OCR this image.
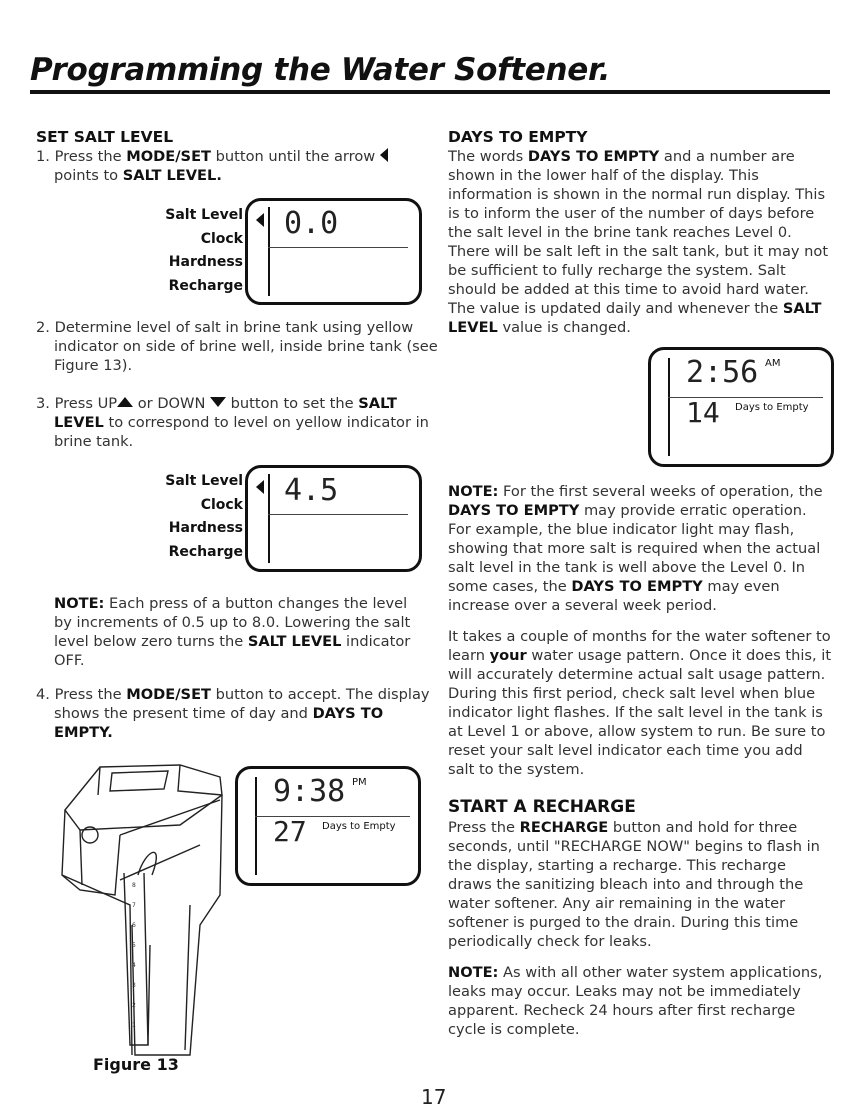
Programming the Water Softener.

SET SALT LEVEL

1. Press the MODE/SET button until the arrow
points to SALT LEVEL.

Salt Level
Clock
Hardness
Recharge
0.0

2. Determine level of salt in brine tank using yellow indicator on side of brine well, inside brine tank (see Figure 13).

3. Press UP or DOWN  button to set the SALT LEVEL to correspond to level on yellow indicator in brine tank.

Salt Level
Clock
Hardness
Recharge
4.5

NOTE: Each press of a button changes the level by increments of 0.5 up to 8.0. Lowering the salt level below zero turns the SALT LEVEL indicator OFF.

4. Press the MODE/SET button to accept. The display shows the present time of day and DAYS TO EMPTY.

8
7
6
5
4
3
2
1
Figure 13
9:38 PM
27 Days to Empty

DAYS TO EMPTY

The words DAYS TO EMPTY and a number are shown in the lower half of the display. This information is shown in the normal run display. This is to inform the user of the number of days before the salt level in the brine tank reaches Level 0. There will be salt left in the salt tank, but it may not be sufficient to fully recharge the system. Salt should be added at this time to avoid hard water. The value is updated daily and whenever the SALT LEVEL value is changed.

2:56 AM
14 Days to Empty

NOTE: For the first several weeks of operation, the DAYS TO EMPTY may provide erratic operation. For example, the blue indicator light may flash, showing that more salt is required when the actual salt level in the tank is well above the Level 0. In some cases, the DAYS TO EMPTY may even increase over a several week period.

It takes a couple of months for the water softener to learn your water usage pattern. Once it does this, it will accurately determine actual salt usage pattern. During this first period, check salt level when blue indicator light flashes. If the salt level in the tank is at Level 1 or above, allow system to run. Be sure to reset your salt level indicator each time you add salt to the system.

START A RECHARGE

Press the RECHARGE button and hold for three seconds, until "RECHARGE NOW" begins to flash in the display, starting a recharge. This recharge draws the sanitizing bleach into and through the water softener. Any air remaining in the water softener is purged to the drain. During this time periodically check for leaks.

NOTE: As with all other water system applications, leaks may occur. Leaks may not be immediately apparent. Recheck 24 hours after first recharge cycle is complete.

17
